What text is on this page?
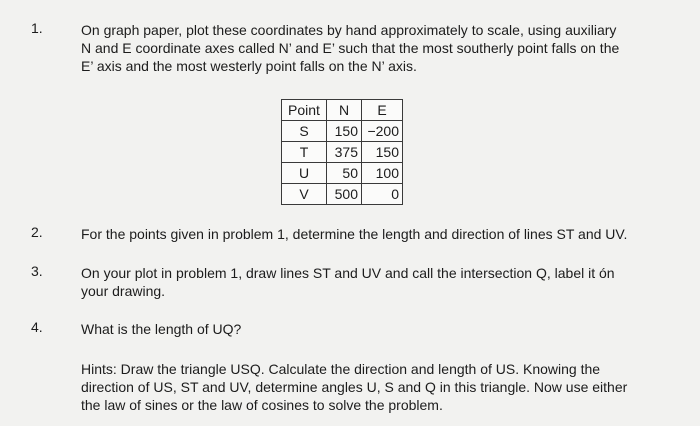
1.	On graph paper, plot these coordinates by hand approximately to scale, using auxiliary
N and E coordinate axes called N’ and E’ such that the most southerly point falls on the
E’ axis and the most westerly point falls on the N’ axis.
Point	N	E
S	150	−200
T	375	150
U	50	100
V	500	0
2.	For the points given in problem 1, determine the length and direction of lines ST and UV.
3.	On your plot in problem 1, draw lines ST and UV and call the intersection Q, label it ón
your drawing.
4.	What is the length of UQ?
Hints: Draw the triangle USQ. Calculate the direction and length of US. Knowing the
direction of US, ST and UV, determine angles U, S and Q in this triangle. Now use either
the law of sines or the law of cosines to solve the problem.
